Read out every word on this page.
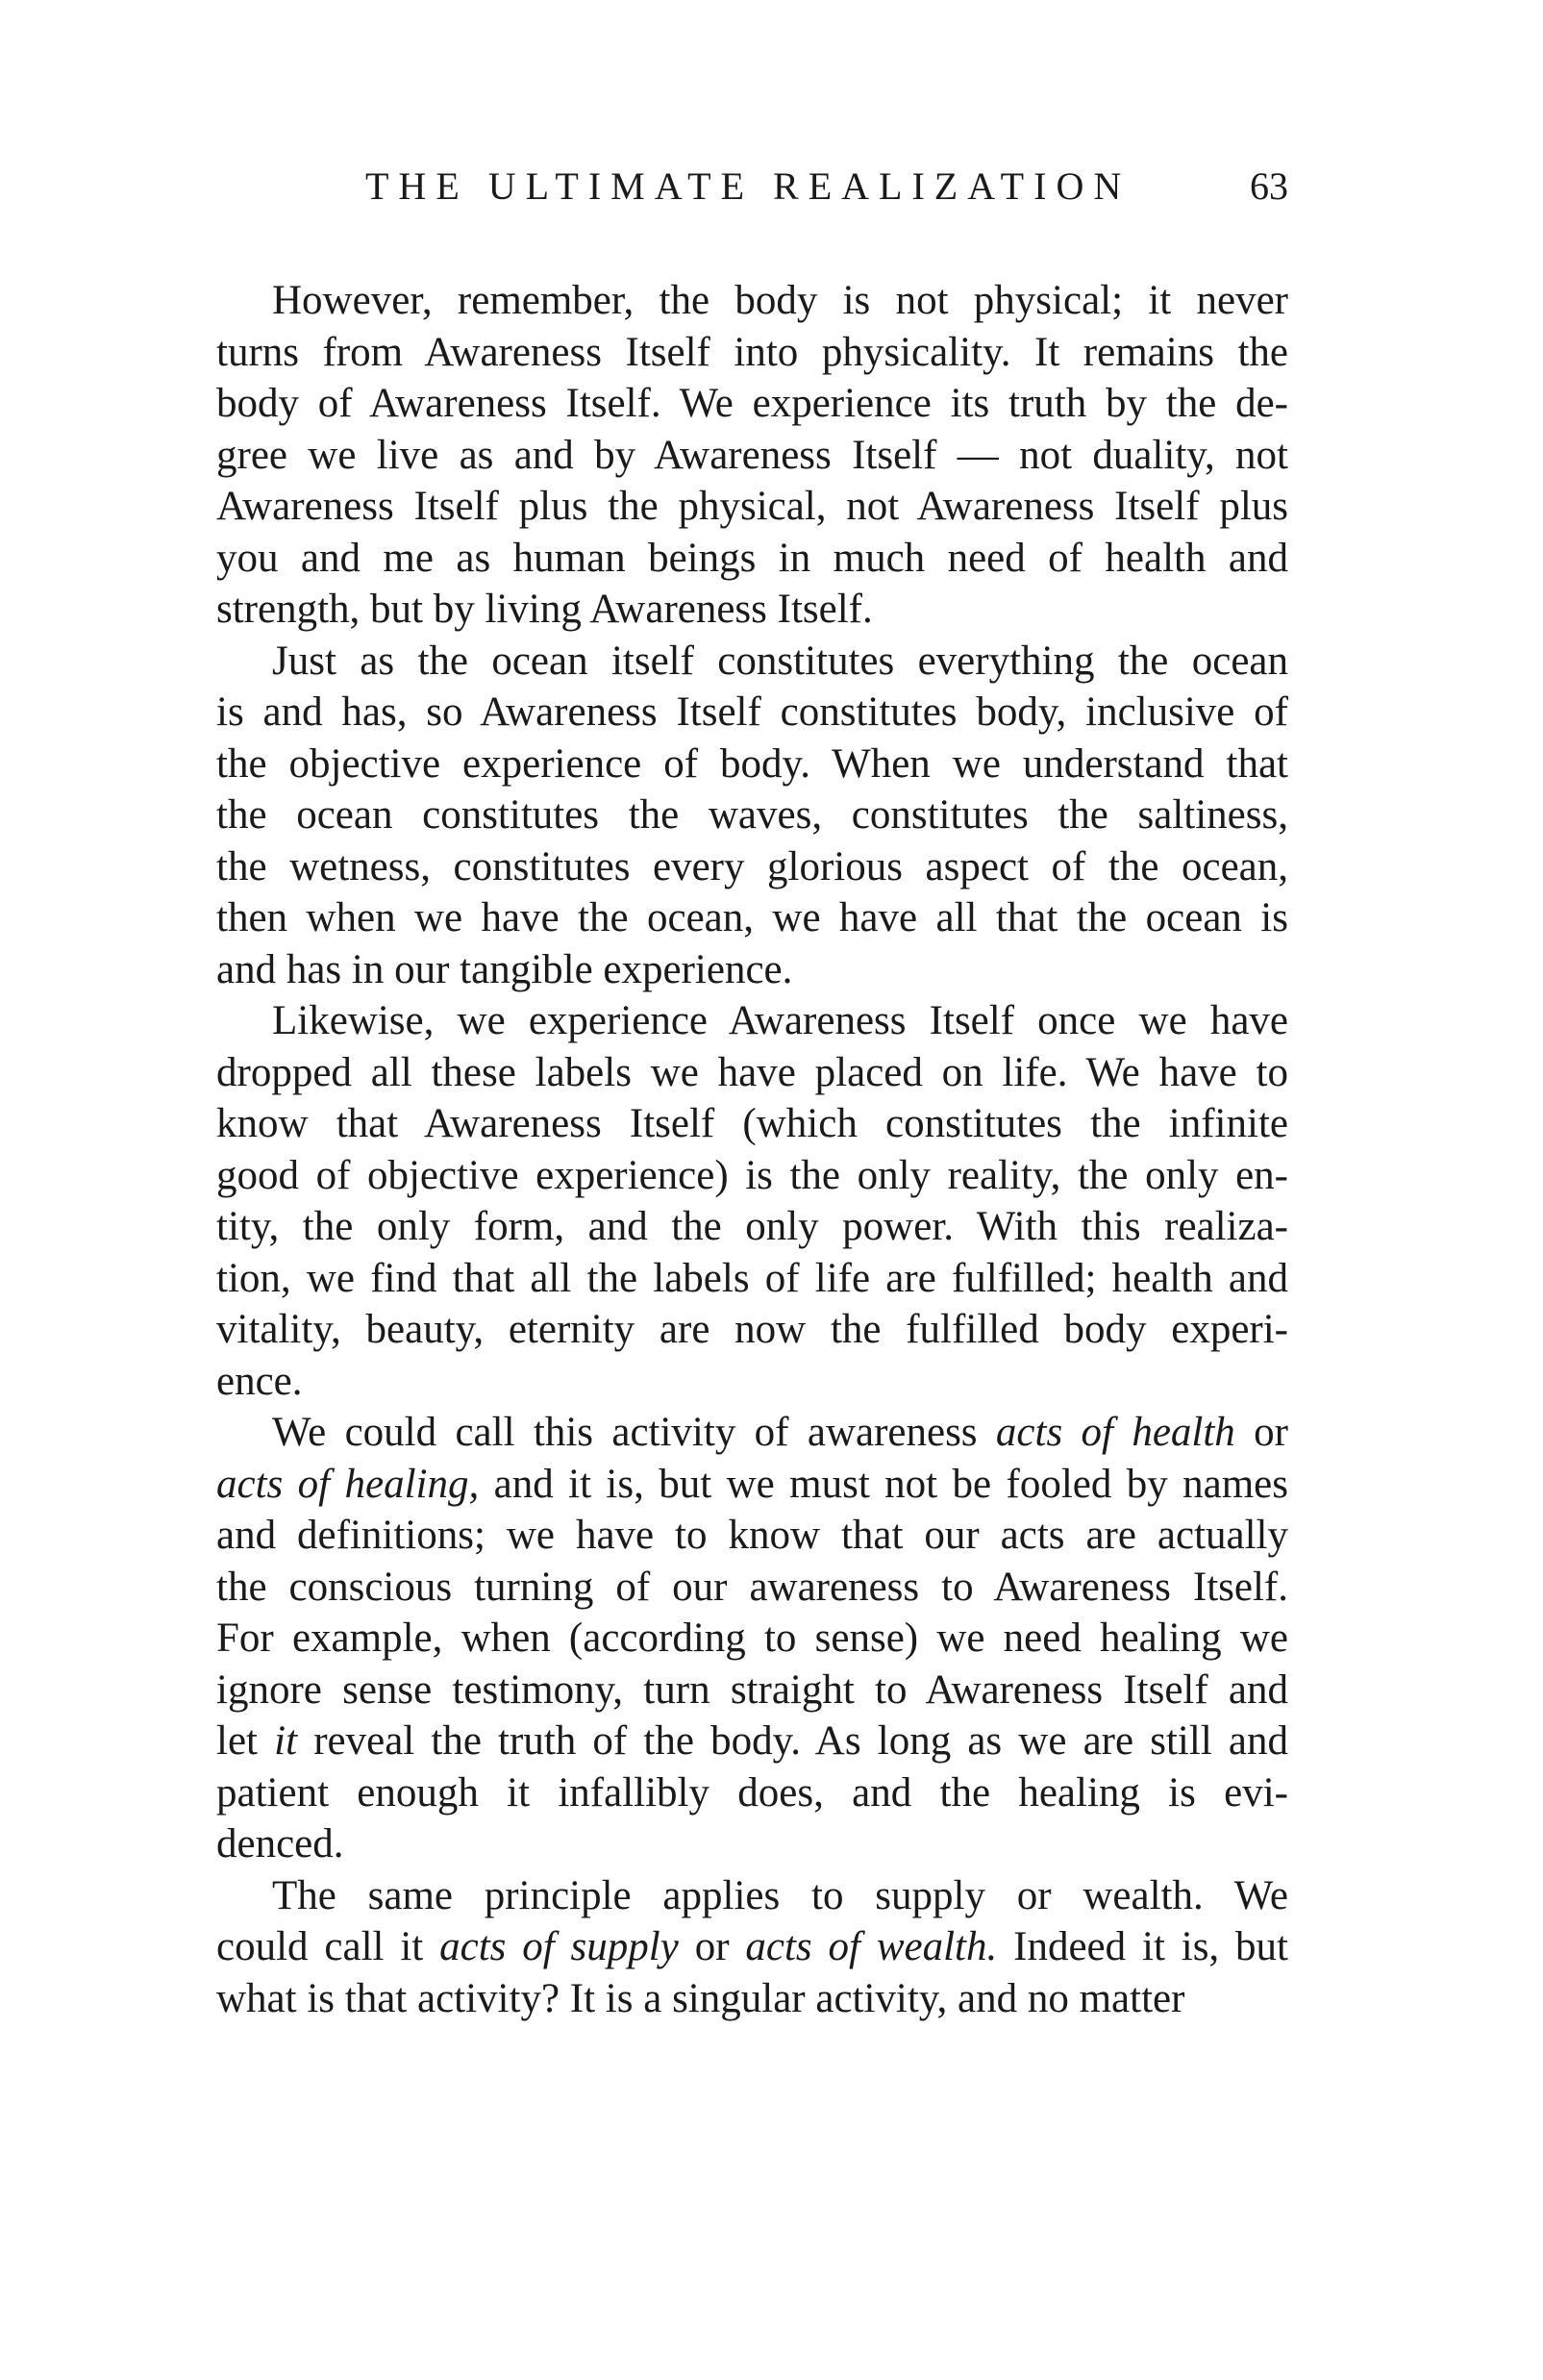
THE ULTIMATE REALIZATION	63
However, remember, the body is not physical; it never
turns from Awareness Itself into physicality. It remains the
body of Awareness Itself. We experience its truth by the de-
gree we live as and by Awareness Itself — not duality, not
Awareness Itself plus the physical, not Awareness Itself plus
you and me as human beings in much need of health and
strength, but by living Awareness Itself.
Just as the ocean itself constitutes everything the ocean
is and has, so Awareness Itself constitutes body, inclusive of
the objective experience of body. When we understand that
the ocean constitutes the waves, constitutes the saltiness,
the wetness, constitutes every glorious aspect of the ocean,
then when we have the ocean, we have all that the ocean is
and has in our tangible experience.
Likewise, we experience Awareness Itself once we have
dropped all these labels we have placed on life. We have to
know that Awareness Itself (which constitutes the infinite
good of objective experience) is the only reality, the only en-
tity, the only form, and the only power. With this realiza-
tion, we find that all the labels of life are fulfilled; health and
vitality, beauty, eternity are now the fulfilled body experi-
ence.
We could call this activity of awareness acts of health or
acts of healing, and it is, but we must not be fooled by names
and definitions; we have to know that our acts are actually
the conscious turning of our awareness to Awareness Itself.
For example, when (according to sense) we need healing we
ignore sense testimony, turn straight to Awareness Itself and
let it reveal the truth of the body. As long as we are still and
patient enough it infallibly does, and the healing is evi-
denced.
The same principle applies to supply or wealth. We
could call it acts of supply or acts of wealth. Indeed it is, but
what is that activity? It is a singular activity, and no matter
